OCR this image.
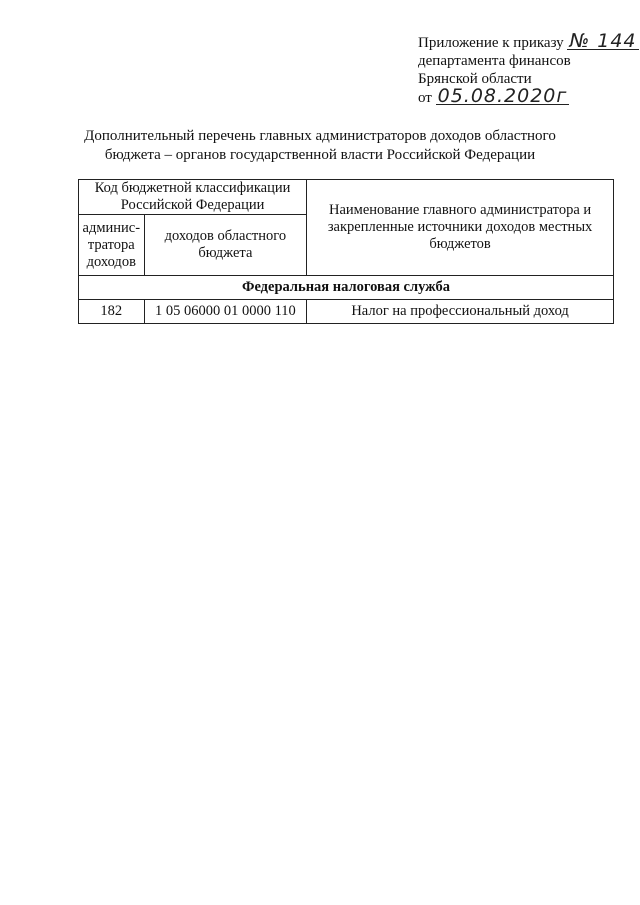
Приложение к приказу № 144
департамента финансов
Брянской области
от 05.08.2020г
Дополнительный перечень главных администраторов доходов областного
бюджета – органов государственной власти Российской Федерации
Код бюджетной классификации Российской Федерации		Наименование главного администратора и закрепленные источники доходов местных бюджетов
админис-тратора доходов	доходов областного бюджета	
Федеральная налоговая служба		
182	1 05 06000 01 0000 110	Налог на профессиональный доход
